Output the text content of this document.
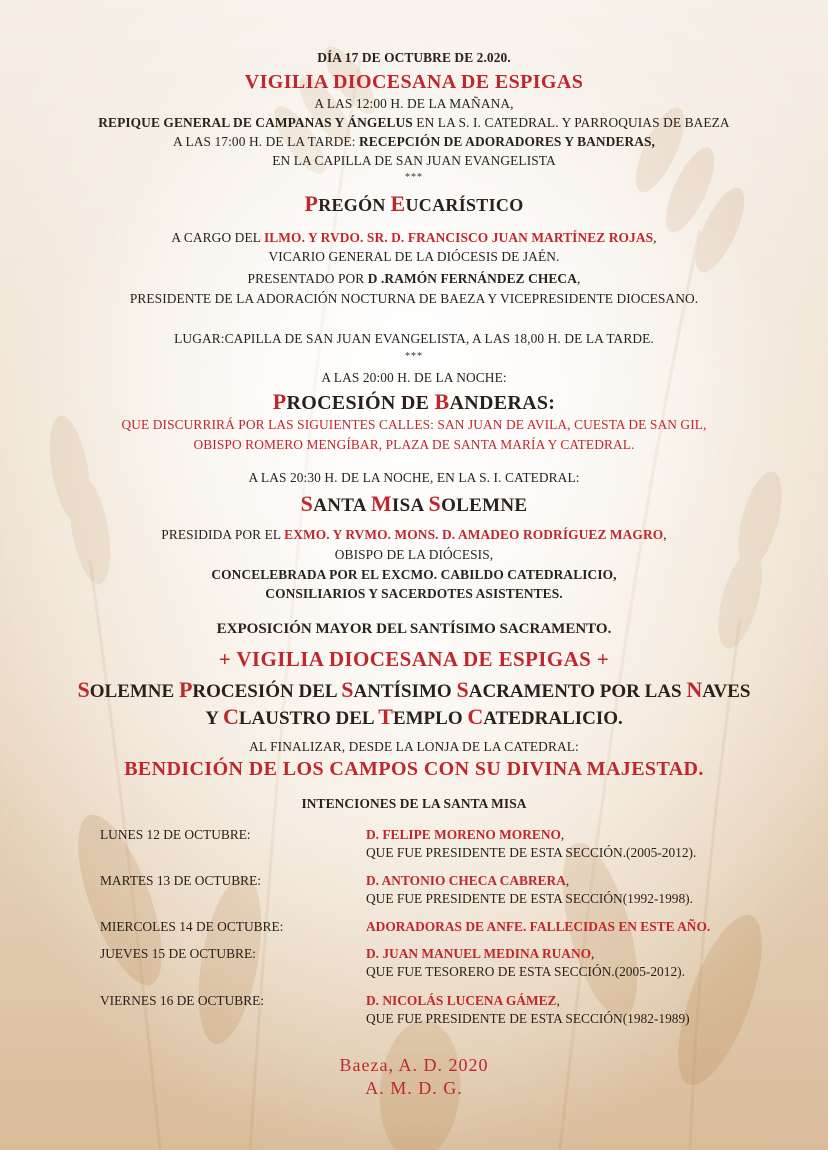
DÍA 17 DE OCTUBRE DE 2.020.
VIGILIA DIOCESANA DE ESPIGAS
A LAS 12:00 H. DE LA MAÑANA,
REPIQUE GENERAL DE CAMPANAS Y ÁNGELUS EN LA S. I. CATEDRAL. Y PARROQUIAS DE BAEZA
A LAS 17:00 H. DE LA TARDE: RECEPCIÓN DE ADORADORES Y BANDERAS,
EN LA CAPILLA DE SAN JUAN EVANGELISTA
***
PREGÓN EUCARÍSTICO
A CARGO DEL ILMO. Y RVDO. SR. D. FRANCISCO JUAN MARTÍNEZ ROJAS,
VICARIO GENERAL DE LA DIÓCESIS DE JAÉN.
PRESENTADO POR D .RAMÓN FERNÁNDEZ CHECA,
PRESIDENTE DE LA ADORACIÓN NOCTURNA DE BAEZA Y VICEPRESIDENTE DIOCESANO.
LUGAR:CAPILLA DE SAN JUAN EVANGELISTA, A LAS 18,00 H. DE LA TARDE.
***
A LAS 20:00 H. DE LA NOCHE:
PROCESIÓN DE BANDERAS:
QUE DISCURRIRÁ POR LAS SIGUIENTES CALLES: SAN JUAN DE AVILA, CUESTA DE SAN GIL,
OBISPO ROMERO MENGÍBAR, PLAZA DE SANTA MARÍA Y CATEDRAL.
A LAS 20:30 H. DE LA NOCHE, EN LA S. I. CATEDRAL:
SANTA MISA SOLEMNE
PRESIDIDA POR EL EXMO. Y RVMO. MONS. D. AMADEO RODRÍGUEZ MAGRO,
OBISPO DE LA DIÓCESIS,
CONCELEBRADA POR EL EXCMO. CABILDO CATEDRALICIO,
CONSILIARIOS Y SACERDOTES ASISTENTES.
EXPOSICIÓN MAYOR DEL SANTÍSIMO SACRAMENTO.
+ VIGILIA DIOCESANA DE ESPIGAS +
SOLEMNE PROCESIÓN DEL SANTÍSIMO SACRAMENTO POR LAS NAVES
Y CLAUSTRO DEL TEMPLO CATEDRALICIO.
AL FINALIZAR, DESDE LA LONJA DE LA CATEDRAL:
BENDICIÓN DE LOS CAMPOS CON SU DIVINA MAJESTAD.
INTENCIONES DE LA SANTA MISA
LUNES 12 DE OCTUBRE:	D. FELIPE MORENO MORENO,
QUE FUE PRESIDENTE DE ESTA SECCIÓN.(2005-2012).
MARTES 13 DE OCTUBRE:	D. ANTONIO CHECA CABRERA,
QUE FUE PRESIDENTE DE ESTA SECCIÓN(1992-1998).
MIERCOLES 14 DE OCTUBRE:	ADORADORAS DE ANFE. FALLECIDAS EN ESTE AÑO.
JUEVES 15 DE OCTUBRE:	D. JUAN MANUEL MEDINA RUANO,
QUE FUE TESORERO DE ESTA SECCIÓN.(2005-2012).
VIERNES 16 DE OCTUBRE:	D. NICOLÁS LUCENA GÁMEZ,
QUE FUE PRESIDENTE DE ESTA SECCIÓN(1982-1989)
Baeza, A. D. 2020
A. M. D. G.
